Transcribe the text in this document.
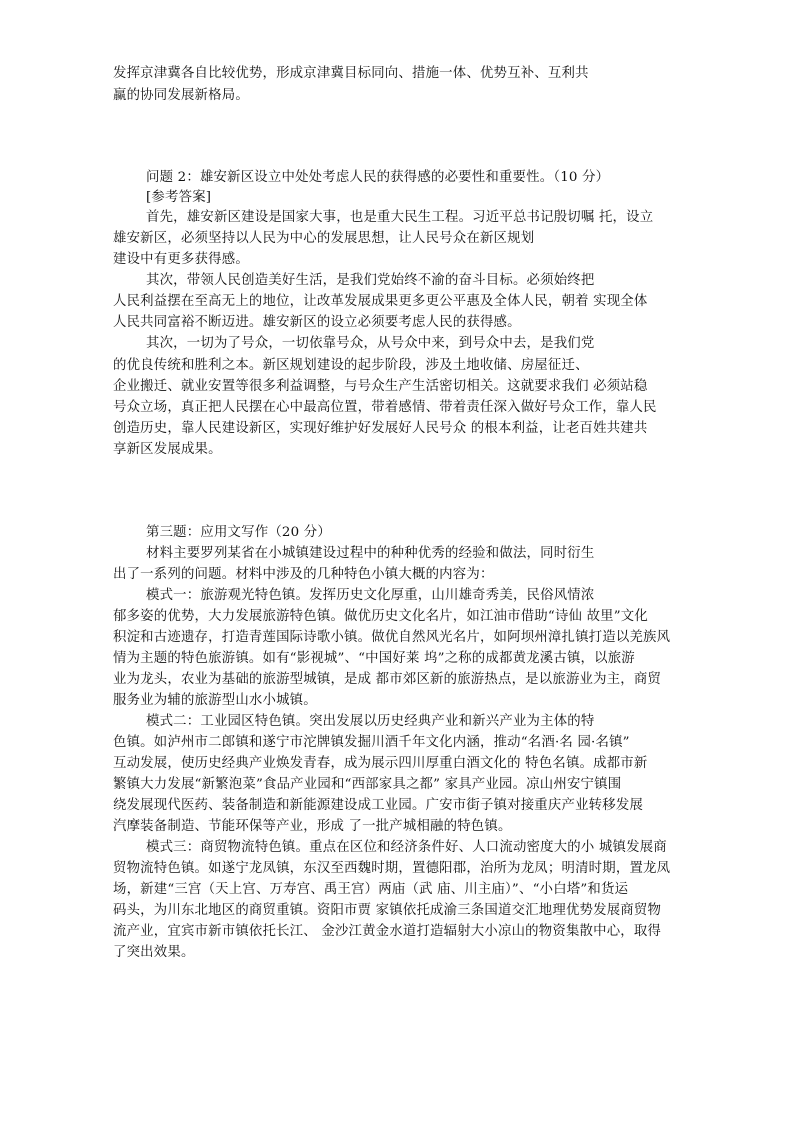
发挥京津冀各自比较优势，形成京津冀目标同向、措施一体、优势互补、互利共
赢的协同发展新格局。
问题 2：雄安新区设立中处处考虑人民的获得感的必要性和重要性。（10 分）
[参考答案]
首先，雄安新区建设是国家大事，也是重大民生工程。习近平总书记殷切嘱 托，设立
雄安新区，必须坚持以人民为中心的发展思想，让人民号众在新区规划
建设中有更多获得感。
其次，带领人民创造美好生活，是我们党始终不渝的奋斗目标。必须始终把
人民利益摆在至高无上的地位，让改革发展成果更多更公平惠及全体人民，朝着 实现全体
人民共同富裕不断迈进。雄安新区的设立必须要考虑人民的获得感。
其次，一切为了号众，一切依靠号众，从号众中来，到号众中去，是我们党
的优良传统和胜利之本。新区规划建设的起步阶段，涉及土地收储、房屋征迁、
企业搬迁、就业安置等很多利益调整，与号众生产生活密切相关。这就要求我们 必须站稳
号众立场，真正把人民摆在心中最高位置，带着感情、带着责任深入做好号众工作，靠人民
创造历史，靠人民建设新区，实现好维护好发展好人民号众 的根本利益，让老百姓共建共
享新区发展成果。
第三题：应用文写作（20 分）
材料主要罗列某省在小城镇建设过程中的种种优秀的经验和做法，同时衍生
出了一系列的问题。材料中涉及的几种特色小镇大概的内容为：
模式一：旅游观光特色镇。发挥历史文化厚重，山川雄奇秀美，民俗风情浓
郁多姿的优势，大力发展旅游特色镇。做优历史文化名片，如江油市借助“诗仙 故里”文化
积淀和古迹遗存，打造青莲国际诗歌小镇。做优自然风光名片，如阿坝州漳扎镇打造以羌族风
情为主题的特色旅游镇。如有“影视城”、“中国好莱 坞”之称的成都黄龙溪古镇，以旅游
业为龙头，农业为基础的旅游型城镇，是成 都市郊区新的旅游热点，是以旅游业为主，商贸
服务业为辅的旅游型山水小城镇。
模式二：工业园区特色镇。突出发展以历史经典产业和新兴产业为主体的特
色镇。如泸州市二郎镇和遂宁市沱牌镇发掘川酒千年文化内涵，推动“名酒·名 园·名镇”
互动发展，使历史经典产业焕发青春，成为展示四川厚重白酒文化的 特色名镇。成都市新
繁镇大力发展“新繁泡菜”食品产业园和“西部家具之都” 家具产业园。凉山州安宁镇围
绕发展现代医药、装备制造和新能源建设成工业园。广安市街子镇对接重庆产业转移发展
汽摩装备制造、节能环保等产业，形成 了一批产城相融的特色镇。
模式三：商贸物流特色镇。重点在区位和经济条件好、人口流动密度大的小 城镇发展商
贸物流特色镇。如遂宁龙凤镇，东汉至西魏时期，置德阳郡，治所为龙凤；明清时期，置龙凤
场，新建“三宫（天上宫、万寿宫、禹王宫）两庙（武 庙、川主庙）”、“小白塔”和货运
码头，为川东北地区的商贸重镇。资阳市贾 家镇依托成渝三条国道交汇地理优势发展商贸物
流产业，宜宾市新市镇依托长江、 金沙江黄金水道打造辐射大小凉山的物资集散中心，取得
了突出效果。
